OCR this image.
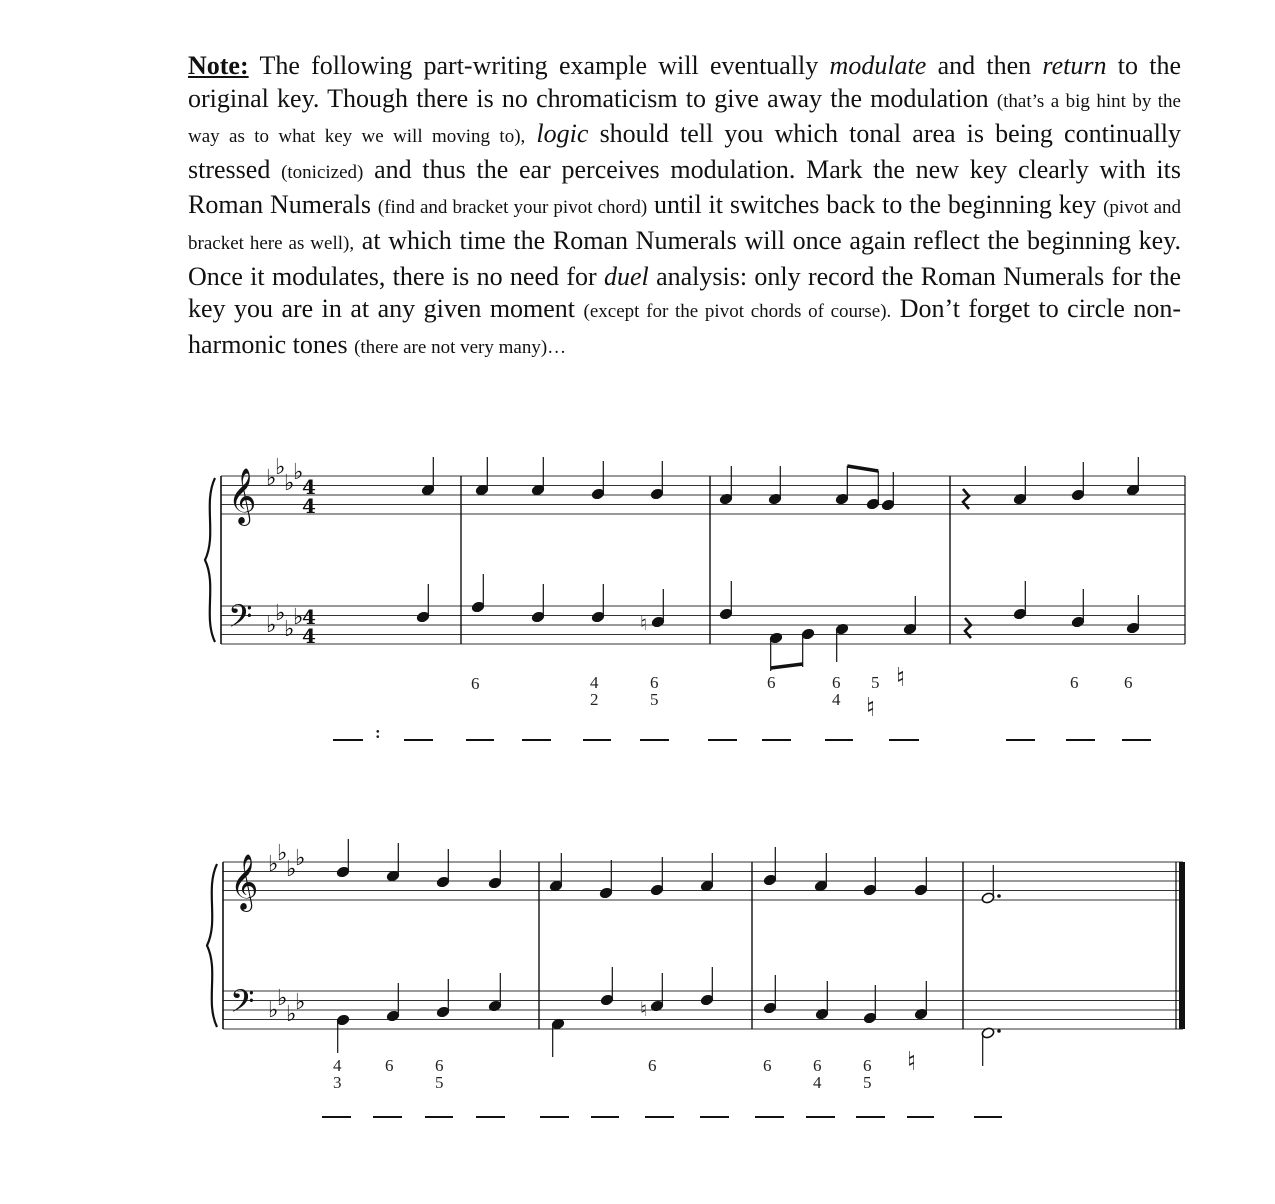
Note: The following part-writing example will eventually modulate and then return to the original key. Though there is no chromaticism to give away the modulation (that’s a big hint by the way as to what key we will moving to), logic should tell you which tonal area is being continually stressed (tonicized) and thus the ear perceives modulation. Mark the new key clearly with its Roman Numerals (find and bracket your pivot chord) until it switches back to the beginning key (pivot and bracket here as well), at which time the Roman Numerals will once again reflect the beginning key. Once it modulates, there is no need for duel analysis: only record the Roman Numerals for the key you are in at any given moment (except for the pivot chords of course). Don’t forget to circle non-harmonic tones (there are not very many)…

𝄞
𝄢
♭
♭
♭
♭
♭
♭
♭
♭
4
4
4
4
♮
6	4
2
6
5
6	6
4
5 ♮
♮
6	6
:
𝄞
𝄢
♭
♭
♭
♭
♭
♭
♭
♭	♮
4
3
6 6
5
6	6 6
4
6
5
♮
